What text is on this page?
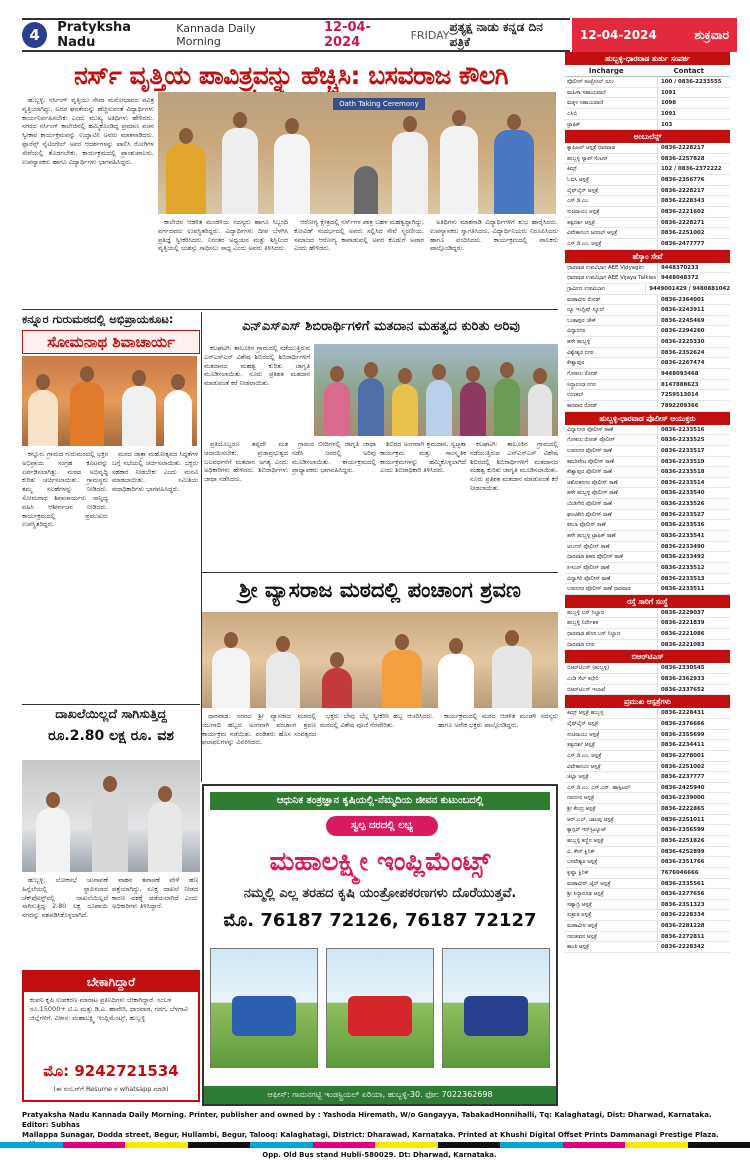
4	Pratyksha Nadu
Kannada Daily Morning
12-04-2024	FRIDAY
ಪ್ರತ್ಯಕ್ಷ ನಾಡು ಕನ್ನಡ ದಿನ ಪತ್ರಿಕೆ	12-04-2024	ಶುಕ್ರವಾರ
ನರ್ಸ್ ವೃತ್ತಿಯ ಪಾವಿತ್ರ್ಯವನ್ನು ಹೆಚ್ಚಿಸಿ: ಬಸವರಾಜ ಕೌಲಗಿ

ಹುಬ್ಬಳ್ಳಿ: ನರ್ಸಿಂಗ್ ವೃತ್ತಿಯು ಸೇವಾ ಮನೋಭಾವದ ಪವಿತ್ರ ವೃತ್ತಿಯಾಗಿದ್ದು, ಅದರ ಘನತೆಯನ್ನು ಹೆಚ್ಚಿಸುವಂತೆ ವಿದ್ಯಾರ್ಥಿಗಳು ಕಾರ್ಯನಿರ್ವಹಿಸಬೇಕು ಎಂದು ಮುಖ್ಯ ಅತಿಥಿಗಳು ಹೇಳಿದರು. ನಗರದ ನರ್ಸಿಂಗ್ ಕಾಲೇಜಿನಲ್ಲಿ ಹಮ್ಮಿಕೊಂಡಿದ್ದ ಪ್ರಮಾಣ ವಚನ ಸ್ವೀಕಾರ ಕಾರ್ಯಕ್ರಮವನ್ನು ಉದ್ಘಾಟಿಸಿ ಅವರು ಮಾತನಾಡಿದರು. ಫ್ಲಾರೆನ್ಸ್ ನೈಟಿಂಗೇಲ್ ಅವರ ಆದರ್ಶಗಳನ್ನು ಪಾಲಿಸಿ ರೋಗಿಗಳ ಸೇವೆಯಲ್ಲಿ ತೊಡಗಬೇಕು. ಕಾರ್ಯಕ್ರಮದಲ್ಲಿ ಪ್ರಾಂಶುಪಾಲರು, ಉಪನ್ಯಾಸಕರು ಹಾಗೂ ವಿದ್ಯಾರ್ಥಿಗಳು ಭಾಗವಹಿಸಿದ್ದರು.

Oath Taking Ceremony

ಕಾಲೇಜಿನ ಆಡಳಿತ ಮಂಡಳಿಯ ಸದಸ್ಯರು ಹಾಗೂ ಸಿಬ್ಬಂದಿ ವರ್ಗದವರು ಉಪಸ್ಥಿತರಿದ್ದರು. ವಿದ್ಯಾರ್ಥಿಗಳು ದೀಪ ಬೆಳಗಿಸಿ ಪ್ರತಿಜ್ಞೆ ಸ್ವೀಕರಿಸಿದರು. ನಿರಂತರ ಅಧ್ಯಯನ ಮತ್ತು ಶಿಸ್ತಿನಿಂದ ವೃತ್ತಿಯಲ್ಲಿ ಯಶಸ್ಸು ಸಾಧಿಸಲು ಸಾಧ್ಯ ಎಂದು ಅವರು ತಿಳಿಸಿದರು.

ಆರೋಗ್ಯ ಕ್ಷೇತ್ರದಲ್ಲಿ ನರ್ಸ್‌ಗಳ ಪಾತ್ರ ಬಹಳ ಮಹತ್ವದ್ದಾಗಿದ್ದು, ಕೋವಿಡ್ ಸಂದರ್ಭದಲ್ಲಿ ಅವರು ಸಲ್ಲಿಸಿದ ಸೇವೆ ಸ್ಮರಣೀಯ. ಸಮಾಜದ ಆರೋಗ್ಯ ಕಾಪಾಡುವಲ್ಲಿ ಅವರ ಕೊಡುಗೆ ಅಪಾರ ಎಂದು ಹೇಳಿದರು.

ಅತಿಥಿಗಳು ಮಾತನಾಡಿ ವಿದ್ಯಾರ್ಥಿಗಳಿಗೆ ಶುಭ ಹಾರೈಸಿದರು. ಉಪನ್ಯಾಸಕರು ಸ್ವಾಗತಿಸಿದರು, ವಿದ್ಯಾರ್ಥಿನಿಯರು ನಿರೂಪಿಸಿದರು ಹಾಗೂ ವಂದಿಸಿದರು. ಕಾರ್ಯಕ್ರಮದಲ್ಲಿ ಪಾಲಕರು ಪಾಲ್ಗೊಂಡಿದ್ದರು.

ಕನ್ನೂರ ಗುರುಮಠದಲ್ಲಿ ಅಭಿಪ್ರಾಯಕೂಟ:
ಸೋಮನಾಥ ಶಿವಾಚಾರ್ಯ

ಕನ್ನೂರ: ಗ್ರಾಮದ ಗುರುಮಠದಲ್ಲಿ ಭಕ್ತರ ಅಭಿಪ್ರಾಯ ಸಂಗ್ರಹ ಕೂಟವನ್ನು ಏರ್ಪಡಿಸಲಾಗಿತ್ತು. ಮಠದ ಅಭಿವೃದ್ಧಿ ಕುರಿತು ಚರ್ಚಿಸಲಾಯಿತು. ಗ್ರಾಮಸ್ಥರು ತಮ್ಮ ಸಲಹೆಗಳನ್ನು ನೀಡಿದರು. ಸೋಮನಾಥ ಶಿವಾಚಾರ್ಯರು ಸಾನ್ನಿಧ್ಯ ವಹಿಸಿ ಆಶೀರ್ವಚನ ನೀಡಿದರು. ಕಾರ್ಯಕ್ರಮದಲ್ಲಿ ಪ್ರಮುಖರು ಉಪಸ್ಥಿತರಿದ್ದರು.

ಮಠದ ಜಾತ್ರಾ ಮಹೋತ್ಸವದ ಸಿದ್ಧತೆಗಳ ಬಗ್ಗೆ ಸಭೆಯಲ್ಲಿ ಚರ್ಚಿಸಲಾಯಿತು. ಭಕ್ತರು ಸಹಕಾರ ನೀಡಬೇಕು ಎಂದು ಮನವಿ ಮಾಡಲಾಯಿತು. ಸಮಿತಿಯ ಪದಾಧಿಕಾರಿಗಳು ಭಾಗವಹಿಸಿದ್ದರು.

ಎನ್‌ಎಸ್‌ಎಸ್ ಶಿಬಿರಾರ್ಥಿಗಳಿಗೆ ಮತದಾನ ಮಹತ್ವದ ಕುರಿತು ಅರಿವು

ಕಲಘಟಗಿ: ತಾಲೂಕಿನ ಗ್ರಾಮದಲ್ಲಿ ನಡೆಯುತ್ತಿರುವ ಎನ್‌ಎಸ್‌ಎಸ್ ವಿಶೇಷ ಶಿಬಿರದಲ್ಲಿ ಶಿಬಿರಾರ್ಥಿಗಳಿಗೆ ಮತದಾನದ ಮಹತ್ವ ಕುರಿತು ಜಾಗೃತಿ ಮೂಡಿಸಲಾಯಿತು. ನೂರು ಪ್ರತಿಶತ ಮತದಾನ ಮಾಡುವಂತೆ ಕರೆ ನೀಡಲಾಯಿತು.

ಪ್ರತಿಯೊಬ್ಬರೂ ತಪ್ಪದೇ ಮತ ಚಲಾಯಿಸಬೇಕು. ಪ್ರಜಾಪ್ರಭುತ್ವದ ಬಲವರ್ಧನೆಗೆ ಮತದಾನ ಅಗತ್ಯ ಎಂದು ಅಧಿಕಾರಿಗಳು ಹೇಳಿದರು. ಶಿಬಿರಾರ್ಥಿಗಳು ಜಾಥಾ ನಡೆಸಿದರು.

ಗ್ರಾಮದ ಬೀದಿಗಳಲ್ಲಿ ಜಾಗೃತಿ ಜಾಥಾ ನಡೆಸಿ ಜನರಲ್ಲಿ ಅರಿವು ಮೂಡಿಸಲಾಯಿತು. ಕಾರ್ಯಕ್ರಮದಲ್ಲಿ ಪ್ರಾಧ್ಯಾಪಕರು ಭಾಗವಹಿಸಿದ್ದರು.

ಶಿಬಿರದ ಅಂಗವಾಗಿ ಶ್ರಮದಾನ, ಸ್ವಚ್ಛತಾ ಕಾರ್ಯಕ್ರಮ ಮತ್ತು ಸಾಂಸ್ಕೃತಿಕ ಕಾರ್ಯಕ್ರಮಗಳನ್ನು ಹಮ್ಮಿಕೊಳ್ಳಲಾಗಿದೆ ಎಂದು ಶಿಬಿರಾಧಿಕಾರಿ ತಿಳಿಸಿದರು.

ಕಲಘಟಗಿ: ತಾಲೂಕಿನ ಗ್ರಾಮದಲ್ಲಿ ನಡೆಯುತ್ತಿರುವ ಎನ್‌ಎಸ್‌ಎಸ್ ವಿಶೇಷ ಶಿಬಿರದಲ್ಲಿ ಶಿಬಿರಾರ್ಥಿಗಳಿಗೆ ಮತದಾನದ ಮಹತ್ವ ಕುರಿತು ಜಾಗೃತಿ ಮೂಡಿಸಲಾಯಿತು. ನೂರು ಪ್ರತಿಶತ ಮತದಾನ ಮಾಡುವಂತೆ ಕರೆ ನೀಡಲಾಯಿತು.

ಶ್ರೀ ವ್ಯಾಸರಾಜ ಮಠದಲ್ಲಿ ಪಂಚಾಂಗ ಶ್ರವಣ

ಧಾರವಾಡ: ನಗರದ ಶ್ರೀ ವ್ಯಾಸರಾಜ ಮಠದಲ್ಲಿ ಯುಗಾದಿ ಹಬ್ಬದ ಅಂಗವಾಗಿ ಪಂಚಾಂಗ ಶ್ರವಣ ಕಾರ್ಯಕ್ರಮ ನಡೆಯಿತು. ಪಂಡಿತರು ಹೊಸ ಸಂವತ್ಸರದ ಫಲಾಫಲಗಳನ್ನು ವಿವರಿಸಿದರು.

ಭಕ್ತರು ಬೇವು ಬೆಲ್ಲ ಸ್ವೀಕರಿಸಿ ಹಬ್ಬ ಆಚರಿಸಿದರು. ಮಠದಲ್ಲಿ ವಿಶೇಷ ಪೂಜೆ ನೆರವೇರಿತು.

ಕಾರ್ಯಕ್ರಮದಲ್ಲಿ ಮಠದ ಆಡಳಿತ ಮಂಡಳಿ ಸದಸ್ಯರು ಹಾಗೂ ಅನೇಕ ಭಕ್ತರು ಪಾಲ್ಗೊಂಡಿದ್ದರು.

ದಾಖಲೆಯಿಲ್ಲದೆ ಸಾಗಿಸುತ್ತಿದ್ದ
ರೂ.2.80 ಲಕ್ಷ ರೂ. ವಶ

ಹುಬ್ಬಳ್ಳಿ: ಲೋಕಸಭೆ ಚುನಾವಣೆ ಹಿನ್ನೆಲೆಯಲ್ಲಿ ಸ್ಥಾಪಿಸಲಾದ ಚೆಕ್‌ಪೋಸ್ಟ್‌ನಲ್ಲಿ ದಾಖಲೆಯಿಲ್ಲದೆ ಸಾಗಿಸುತ್ತಿದ್ದ 2.80 ಲಕ್ಷ ರೂಪಾಯಿ ನಗದನ್ನು ವಶಪಡಿಸಿಕೊಳ್ಳಲಾಗಿದೆ.

ವಾಹನ ತಪಾಸಣೆ ವೇಳೆ ಹಣ ಪತ್ತೆಯಾಗಿದ್ದು, ಸೂಕ್ತ ದಾಖಲೆ ನೀಡದ ಕಾರಣ ವಶಕ್ಕೆ ಪಡೆಯಲಾಗಿದೆ ಎಂದು ಅಧಿಕಾರಿಗಳು ತಿಳಿಸಿದ್ದಾರೆ.

ಬೇಕಾಗಿದ್ದಾರೆ
ಕಂಪನಿ ಕೃಷಿ ಉಪಕರಣ ಮಾರಾಟ ಪ್ರತಿನಿಧಿಗಳು ಬೇಕಾಗಿದ್ದಾರೆ. ಸಂಬಳ ರೂ.15000+ ಟಿ.ಎ ಮತ್ತು ಡಿ.ಎ. ಹಾವೇರಿ, ಧಾರವಾಡ, ಗದಗ, ಬೆಳಗಾವಿ ಜಿಲ್ಲೆಗಳಿಗೆ. ವಿಳಾಸ: ಮಹಾಲಕ್ಷ್ಮಿ ಇಂಪ್ಲಿಮೆಂಟ್ಸ್, ಹುಬ್ಬಳ್ಳಿ
ಮೊ: 9242721534
(ಈ ನಂಬರ್‌ಗೆ Resume ನ whatsapp ಮಾಡಿ)
ಆಧುನಿಕ ತಂತ್ರಜ್ಞಾನ ಕೃಷಿಯಲ್ಲಿ-ನೆಮ್ಮದಿಯ ಜೀವನ ಕುಟುಂಬದಲ್ಲಿ
ಸ್ವಲ್ಪ ದರದಲ್ಲಿ ಲಭ್ಯ
ಮಹಾಲಕ್ಷ್ಮೀ ಇಂಪ್ಲಿಮೆಂಟ್ಸ್
ನಮ್ಮಲ್ಲಿ ಎಲ್ಲ ತರಹದ ಕೃಷಿ ಯಂತ್ರೋಪಕರಣಗಳು ದೊರೆಯುತ್ತವೆ.
ಮೊ. 76187 72126, 76187 72127
ಆಫೀಸ್: ಗಾಮನಗಟ್ಟಿ ಇಂಡಸ್ಟ್ರಿಯಲ್ ಏರಿಯಾ, ಹುಬ್ಬಳ್ಳಿ-30. ಫೋ: 7022362698
ಹುಬ್ಬಳ್ಳಿ-ಧಾರವಾಡ ತುರ್ತು ಸಂಪರ್ಕ
Incharge	Contact
ಪೊಲೀಸ್ ಕಂಟ್ರೋಲ್ ರೂಂ	100 / 0836-2233555
ಮಹಿಳಾ ಸಹಾಯವಾಣಿ	1091
ಮಕ್ಕಳ ಸಹಾಯವಾಣಿ	1098
ಎಸಿಬಿ	1091
ಟ್ರಾಫಿಕ್	103
ಅಂಬುಲೆನ್ಸ್
ಕ್ಯಾಪಿಟಲ್ ಆಸ್ಪತ್ರೆ ಧಾರವಾಡ	0836-2228217
ಹುಬ್ಬಳ್ಳಿ ಸ್ಯಾಪ್ ಸೆಂಟರ್	0836-2257828
ಕಿಮ್ಸ್	102 / 0836-2372222
ಓಬಿಸಿ ಆಸ್ಪತ್ರೆ	0836-2356776
ಲೈಫ್‌ಲೈನ್ ಆಸ್ಪತ್ರೆ	0836-2228217
ಎಸ್.ಡಿ.ಎಂ.	0836-2228343
ಸುಚಿರಾಯು ಆಸ್ಪತ್ರೆ	0836-2221602
ತತ್ವದರ್ಶ ಆಸ್ಪತ್ರೆ	0836-2228271
ವಿವೇಕಾನಂದ ಜನರಲ್ ಆಸ್ಪತ್ರೆ	0836-2251002
ಎಸ್‌.ಡಿ.ಎಂ. ಆಸ್ಪತ್ರೆ	0836-2477777
ಹೆಸ್ಕಾಂ ಸೇವೆ
ಧಾರವಾಡ ಉಪವಿಭಾಗ AEE Vidyagiri	9448370233
ಧಾರವಾಡ ಉಪವಿಭಾಗ AEE Vijaya Talkies 9448048372
ಗ್ರಾಮೀಣ ಉಪವಿಭಾಗ	9449001429 / 9480881042
ಮಹಾವೀರ ರೋಡ್	0836-2364001
ನ್ಯೂ ಇಂಗ್ಲಿಷ್ ಸ್ಕೂಲ್	0836-2243911
ಬಂಕಾಪುರ ಚೌಕ್	0836-2245469
ವಿದ್ಯಾನಗರ	0836-2294260
ಹಳೇ ಹುಬ್ಬಳ್ಳಿ	0836-2225330
ವಿಶ್ವೇಶ್ವರ ನಗರ	0836-2352624
ಕೇಶ್ವಾಪುರ	0836-2267474
ಗೋಕುಲ ರೋಡ್	9448093468
ಸಿದ್ಧಾರೂಢ ನಗರ	8147888623
ಉಣಕಲ್	7259513014
ಕಾರವಾರ ರೋಡ್	7892209366
ಹುಬ್ಬಳ್ಳಿ-ಧಾರವಾಡ ಪೊಲೀಸ್ ಆಯುಕ್ತರು
ವಿದ್ಯಾನಗರ ಪೊಲೀಸ್ ಠಾಣೆ	0836-2233516
ಗೋಕುಲ ರೋಡ್ ಪೊಲೀಸ್	0836-2233525
ಉಪನಗರ ಪೊಲೀಸ್ ಠಾಣೆ	0836-2233517
ಕಮರಿಪೇಟ ಪೊಲೀಸ್ ಠಾಣೆ	0836-2233519
ಕೇಶ್ವಾಪುರ ಪೊಲೀಸ್ ಠಾಣೆ	0836-2233518
ಅಶೋಕನಗರ ಪೊಲೀಸ್ ಠಾಣೆ	0836-2233514
ಹಳೇ ಹುಬ್ಬಳ್ಳಿ ಪೊಲೀಸ್ ಠಾಣೆ	0836-2233540
ಬೆಂಡಿಗೇರಿ ಪೊಲೀಸ್ ಠಾಣೆ	0836-2233526
ಘಂಟಿಕೇರಿ ಪೊಲೀಸ್ ಠಾಣೆ	0836-2233527
ಕಸಬಾ ಪೊಲೀಸ್ ಠಾಣೆ	0836-2233536
ಹಳೇ ಹುಬ್ಬಳ್ಳಿ ಟ್ರಾಫಿಕ್ ಠಾಣೆ	0836-2233541
ಅರ್ಬನ್ ಪೊಲೀಸ್ ಠಾಣೆ	0836-2233490
ಧಾರವಾಡ ಶಹರ ಪೊಲೀಸ್ ಠಾಣೆ	0836-2233492
ಸಿಇಎನ್ ಪೊಲೀಸ್ ಠಾಣೆ	0836-2233512
ವಿದ್ಯಾಗಿರಿ ಪೊಲೀಸ್ ಠಾಣೆ	0836-2233513
ಉಪನಗರ ಪೊಲೀಸ್ ಠಾಣೆ ಧಾರವಾಡ	0836-2233511
ರಸ್ತೆ ಸಾರಿಗೆ ಸಂಸ್ಥೆ
ಹುಬ್ಬಳ್ಳಿ ಬಸ್ ನಿಲ್ದಾಣ	0836-2229037
ಹುಬ್ಬಳ್ಳಿ ನಿರ್ದೇಶಕ	0836-2221839
ಧಾರವಾಡ ಹೊಸ ಬಸ್ ನಿಲ್ದಾಣ	0836-2221086
ಧಾರವಾಡ ನಗರ	0836-2221083
ಬಿಆರ್‌ಟಿಎಸ್
ಬಿಆರ್‌ಟಿಎಸ್ (ಹುಬ್ಬಳ್ಳಿ)	0836-2330545
ಎಂಡಿ ಸೆಲ್ ಕಛೇರಿ	0836-2362933
ಬಿಆರ್‌ಟಿಎಸ್ ಇಲಾಖೆ	0836-2337652
ಪ್ರಮುಖ ಆಸ್ಪತ್ರೆಗಳು
ಕಿಮ್ಸ್ ಆಸ್ಪತ್ರೆ ಹುಬ್ಬಳ್ಳಿ	0836-2228431
ಲೈಫ್‌ಲೈನ್ ಆಸ್ಪತ್ರೆ	0836-2376666
ಸುಚಿರಾಯು ಆಸ್ಪತ್ರೆ	0836-2355699
ತತ್ವದರ್ಶ ಆಸ್ಪತ್ರೆ	0836-2234411
ಎಸ್.ಡಿ.ಎಂ. ಆಸ್ಪತ್ರೆ	0836-2278001
ವಿವೇಕಾನಂದ ಆಸ್ಪತ್ರೆ	0836-2251002
ಜಿಲ್ಲಾ ಆಸ್ಪತ್ರೆ	0836-2237777
ಎಸ್.ಡಿ.ಎಂ. ಎಸ್.ಎಸ್. ಹಾಸ್ಪಿಟಲ್	0836-2425940
ನವನಗರ ಆಸ್ಪತ್ರೆ	0836-2239000
ಶ್ರೀ ಕೇಂದ್ರ ಆಸ್ಪತ್ರೆ	0836-2222865
ಆರ್.ಎಲ್. ಜಾಲಪ್ಪ ಆಸ್ಪತ್ರೆ	0836-2251011
ಕ್ಯಾನ್ಸರ್ ಇನ್‌ಸ್ಟಿಟ್ಯೂಟ್	0836-2356599
ಹುಬ್ಬಳ್ಳಿ ಕಣ್ಣಿನ ಆಸ್ಪತ್ರೆ	0836-2251826
ವಿ. ಕೇರ್ ಕ್ಲಿನಿಕ್	0836-4252899
ಬಸವೇಶ್ವರ ಆಸ್ಪತ್ರೆ	0836-2351766
ಕೃಷ್ಣಾ ಕ್ಲಿನಿಕ್	7676046666
ಮಹಾವೀರ್ ಜೈನ್ ಆಸ್ಪತ್ರೆ	0836-2335561
ಶ್ರೀ ಸಿದ್ಧಾರೂಢ ಆಸ್ಪತ್ರೆ	0836-2277656
ಸಹ್ಯಾದ್ರಿ ಆಸ್ಪತ್ರೆ	0836-2351323
ಸುಶ್ರುತ ಆಸ್ಪತ್ರೆ	0836-2228334
ಮಹಾವೀರ ಆಸ್ಪತ್ರೆ	0836-2281228
ನವಜೀವನ ಆಸ್ಪತ್ರೆ	0836-2272811
ಶಾಂತಿ ಆಸ್ಪತ್ರೆ	0836-2228342
Pratyaksha Nadu Kannada Daily Morning. Printer, publisher and owned by : Yashoda Hiremath, W/o Gangayya, TabakadHonnihalli, Tq: Kalaghatagi, Dist: Dharwad, Karnataka. Editor: Subhas
Mallappa Sunagar, Dodda street, Begur, Hullambi, Begur, Talooq: Kalaghatagi, District: Dharawad, Karnataka. Printed at Khushi Digital Offset Prints Dammanagi Prestige Plaza.
Opp. Old Bus stand Hubli-580029. Dt: Dharwad, Karnataka.
